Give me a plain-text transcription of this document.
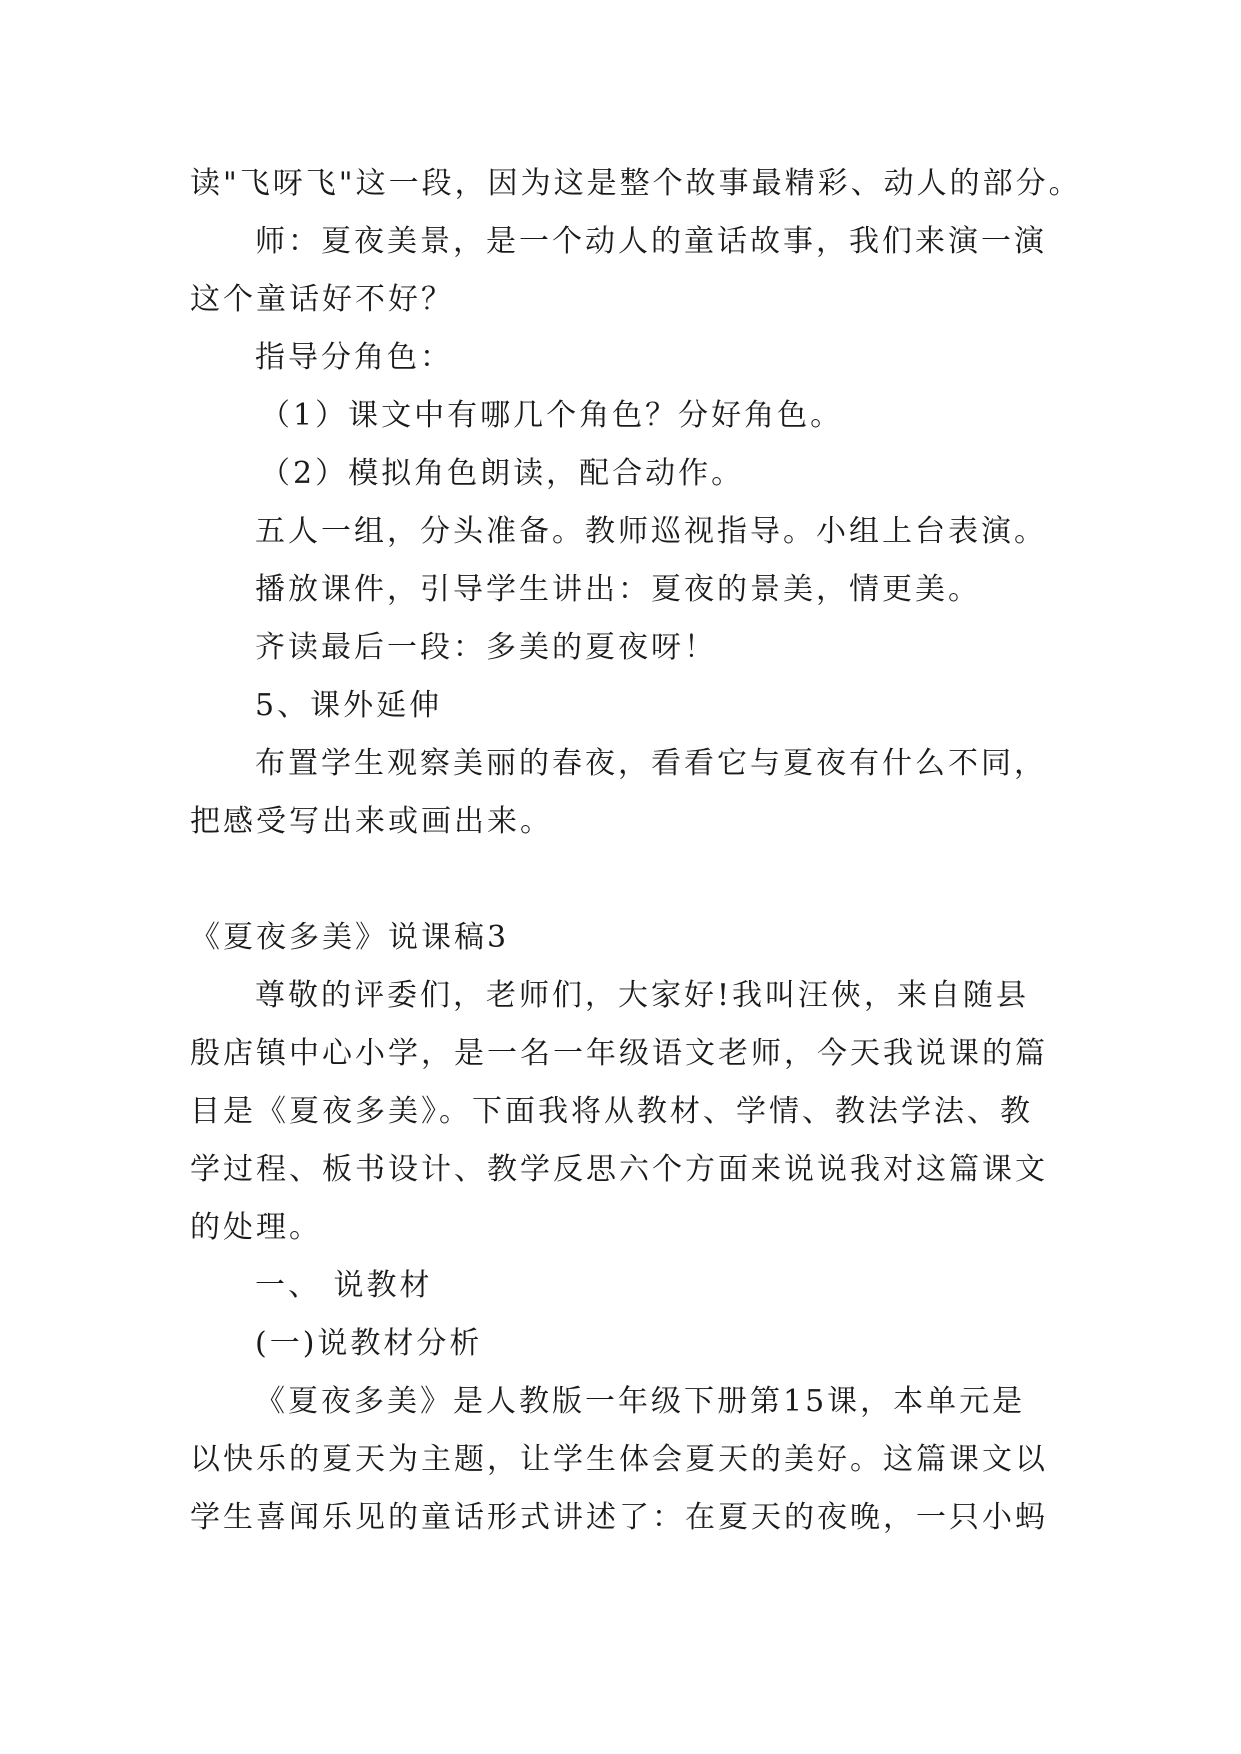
读"飞呀飞"这一段，因为这是整个故事最精彩、动人的部分。
师：夏夜美景，是一个动人的童话故事，我们来演一演
这个童话好不好？
指导分角色：
（1）课文中有哪几个角色？分好角色。
（2）模拟角色朗读，配合动作。
五人一组，分头准备。教师巡视指导。小组上台表演。
播放课件，引导学生讲出：夏夜的景美，情更美。
齐读最后一段：多美的夏夜呀！
5、课外延伸
布置学生观察美丽的春夜，看看它与夏夜有什么不同，
把感受写出来或画出来。
《夏夜多美》说课稿3
尊敬的评委们，老师们，大家好!我叫汪俠，来自随县
殷店镇中心小学，是一名一年级语文老师，今天我说课的篇
目是《夏夜多美》。下面我将从教材、学情、教法学法、教
学过程、板书设计、教学反思六个方面来说说我对这篇课文
的处理。
一、 说教材
(一)说教材分析
《夏夜多美》是人教版一年级下册第15课，本单元是
以快乐的夏天为主题，让学生体会夏天的美好。这篇课文以
学生喜闻乐见的童话形式讲述了：在夏天的夜晚，一只小蚂
